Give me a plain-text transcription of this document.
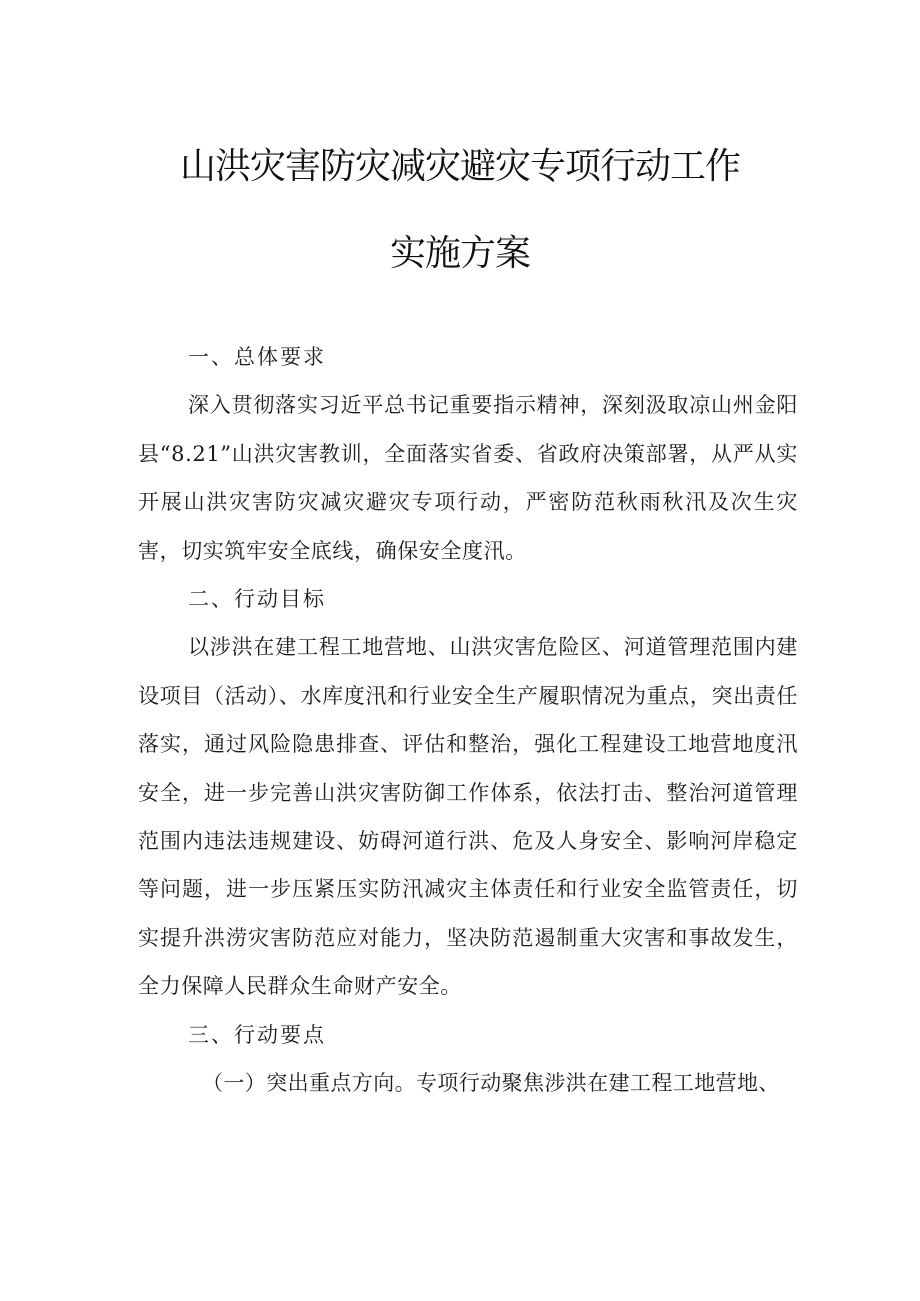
山洪灾害防灾减灾避灾专项行动工作
实施方案

一、总体要求

深入贯彻落实习近平总书记重要指示精神，深刻汲取凉山州金阳县“8.21”山洪灾害教训，全面落实省委、省政府决策部署，从严从实开展山洪灾害防灾减灾避灾专项行动，严密防范秋雨秋汛及次生灾害，切实筑牢安全底线，确保安全度汛。

二、行动目标

以涉洪在建工程工地营地、山洪灾害危险区、河道管理范围内建设项目（活动）、水库度汛和行业安全生产履职情况为重点，突出责任落实，通过风险隐患排查、评估和整治，强化工程建设工地营地度汛安全，进一步完善山洪灾害防御工作体系，依法打击、整治河道管理范围内违法违规建设、妨碍河道行洪、危及人身安全、影响河岸稳定等问题，进一步压紧压实防汛减灾主体责任和行业安全监管责任，切实提升洪涝灾害防范应对能力，坚决防范遏制重大灾害和事故发生，全力保障人民群众生命财产安全。

三、行动要点

（一）突出重点方向。专项行动聚焦涉洪在建工程工地营地、
